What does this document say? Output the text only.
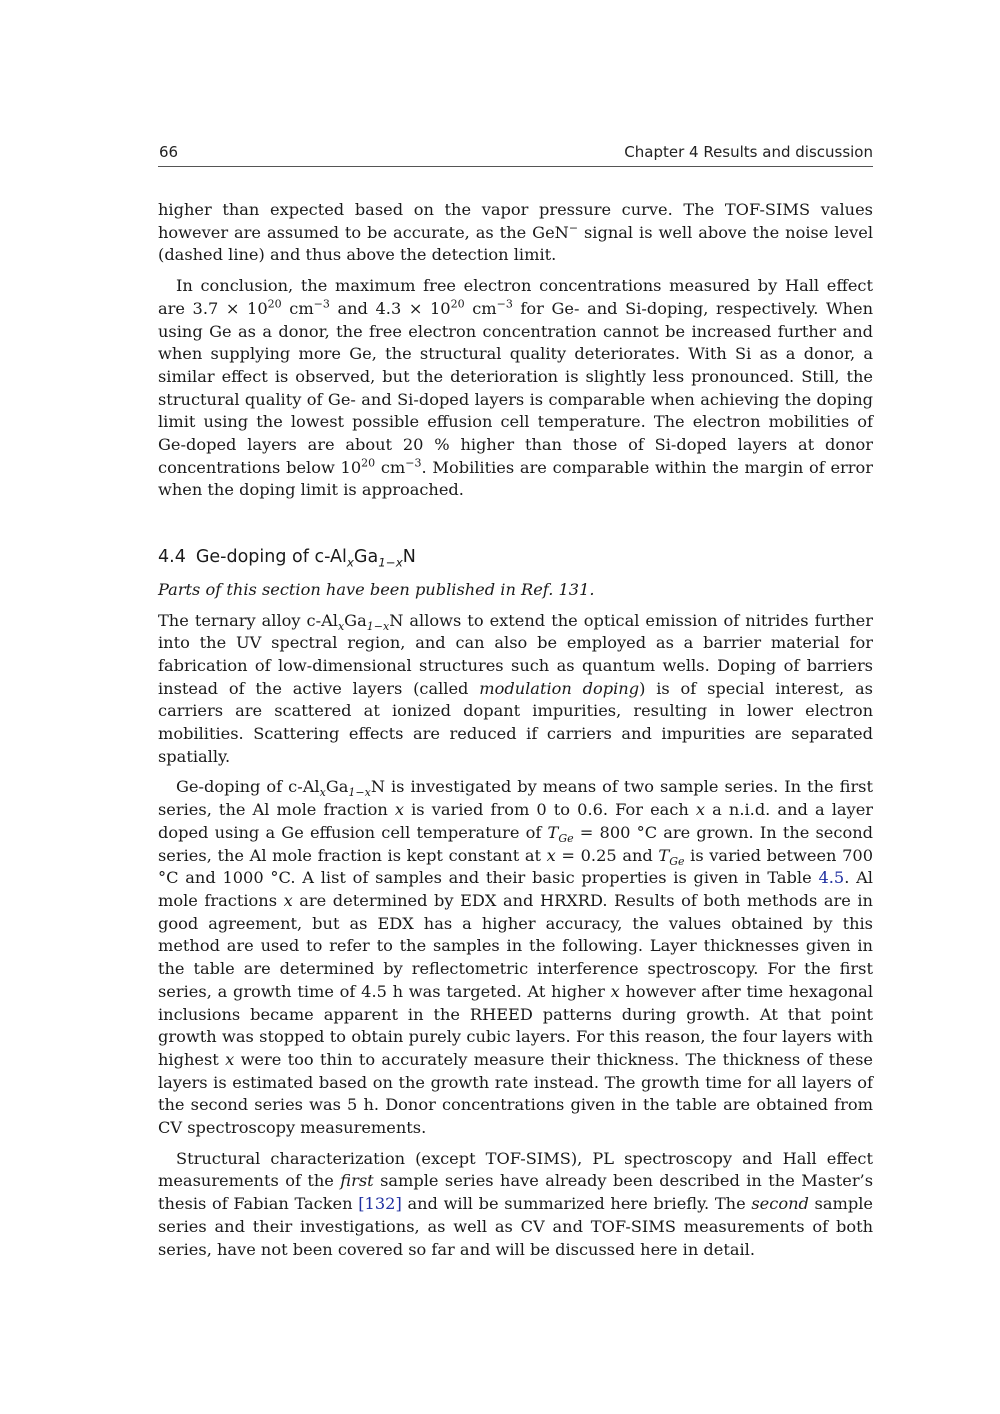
66	Chapter 4 Results and discussion

higher than expected based on the vapor pressure curve. The TOF-SIMS values however are assumed to be accurate, as the GeN− signal is well above the noise level (dashed line) and thus above the detection limit.

In conclusion, the maximum free electron concentrations measured by Hall effect are $3.7 \times 10^{20}$ $cm^{-3}$ and $4.3 \times 10^{20}$ $cm^{-3}$ for Ge- and Si-doping, respectively. When using Ge as a donor, the free electron concentration cannot be increased further and when supplying more Ge, the structural quality deteriorates. With Si as a donor, a similar effect is observed, but the deterioration is slightly less pronounced. Still, the structural quality of Ge- and Si-doped layers is comparable when achieving the doping limit using the lowest possible effusion cell temperature. The electron mobilities of Ge-doped layers are about 20 % higher than those of Si-doped layers at donor concentrations below $10^{20}$ $cm^{-3}$. Mobilities are comparable within the margin of error when the doping limit is approached.

4.4 Ge-doping of $c-Al_xGa_{1-x}N$

Parts of this section have been published in Ref. 131.

The ternary alloy $c-Al_xGa_{1-x}N$ allows to extend the optical emission of nitrides further into the UV spectral region, and can also be employed as a barrier material for fabrication of low-dimensional structures such as quantum wells. Doping of barriers instead of the active layers (called modulation doping) is of special interest, as carriers are scattered at ionized dopant impurities, resulting in lower electron mobilities. Scattering effects are reduced if carriers and impurities are separated spatially.

Ge-doping of $c-Al_xGa_{1-x}N$ is investigated by means of two sample series. In the first series, the Al mole fraction x is varied from 0 to 0.6. For each x a n.i.d. and a layer doped using a Ge effusion cell temperature of $T_{Ge} = 800$ °C are grown. In the second series, the Al mole fraction is kept constant at x = 0.25 and $T_{Ge}$ is varied between 700 °C and 1000 °C. A list of samples and their basic properties is given in Table 4.5. Al mole fractions x are determined by EDX and HRXRD. Results of both methods are in good agreement, but as EDX has a higher accuracy, the values obtained by this method are used to refer to the samples in the following. Layer thicknesses given in the table are determined by reflectometric interference spectroscopy. For the first series, a growth time of 4.5 h was targeted. At higher x however after time hexagonal inclusions became apparent in the RHEED patterns during growth. At that point growth was stopped to obtain purely cubic layers. For this reason, the four layers with highest x were too thin to accurately measure their thickness. The thickness of these layers is estimated based on the growth rate instead. The growth time for all layers of the second series was 5 h. Donor concentrations given in the table are obtained from CV spectroscopy measurements.

Structural characterization (except TOF-SIMS), PL spectroscopy and Hall effect measurements of the first sample series have already been described in the Master’s thesis of Fabian Tacken [132] and will be summarized here briefly. The second sample series and their investigations, as well as CV and TOF-SIMS measurements of both series, have not been covered so far and will be discussed here in detail.
